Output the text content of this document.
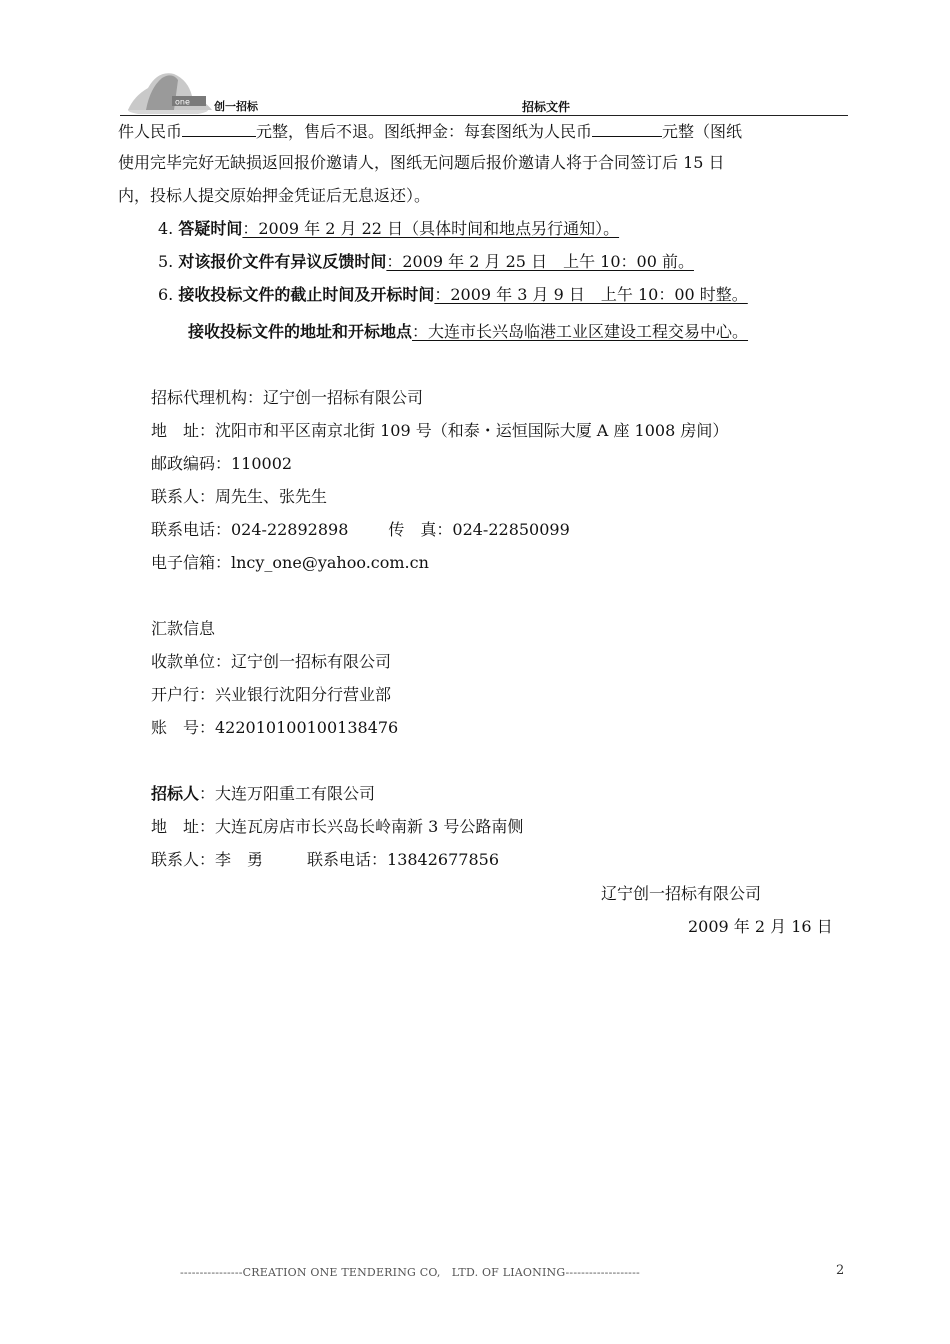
one 创一招标	招标文件
件人民币	元整，售后不退。图纸押金：每套图纸为人民币	元整（图纸
使用完毕完好无缺损返回报价邀请人，图纸无问题后报价邀请人将于合同签订后 15 日
内，投标人提交原始押金凭证后无息返还）。
4. 答疑时间：2009 年 2 月 22 日（具体时间和地点另行通知）。
5. 对该报价文件有异议反馈时间：2009 年 2 月 25 日　上午 10：00 前。
6. 接收投标文件的截止时间及开标时间：2009 年 3 月 9 日　上午 10：00 时整。
接收投标文件的地址和开标地点：大连市长兴岛临港工业区建设工程交易中心。
招标代理机构：辽宁创一招标有限公司
地　址：沈阳市和平区南京北街 109 号（和泰・运恒国际大厦 A 座 1008 房间）
邮政编码：110002
联系人：周先生、张先生
联系电话：024-22892898	传　真：024-22850099
电子信箱：lncy_one@yahoo.com.cn
汇款信息
收款单位：辽宁创一招标有限公司
开户行：兴业银行沈阳分行营业部
账　号：422010100100138476
招标人：大连万阳重工有限公司
地　址：大连瓦房店市长兴岛长岭南新 3 号公路南侧
联系人：李　勇	联系电话：13842677856
辽宁创一招标有限公司
2009 年 2 月 16 日
----------------CREATION ONE TENDERING CO,　LTD. OF LIAONING-------------------	2
